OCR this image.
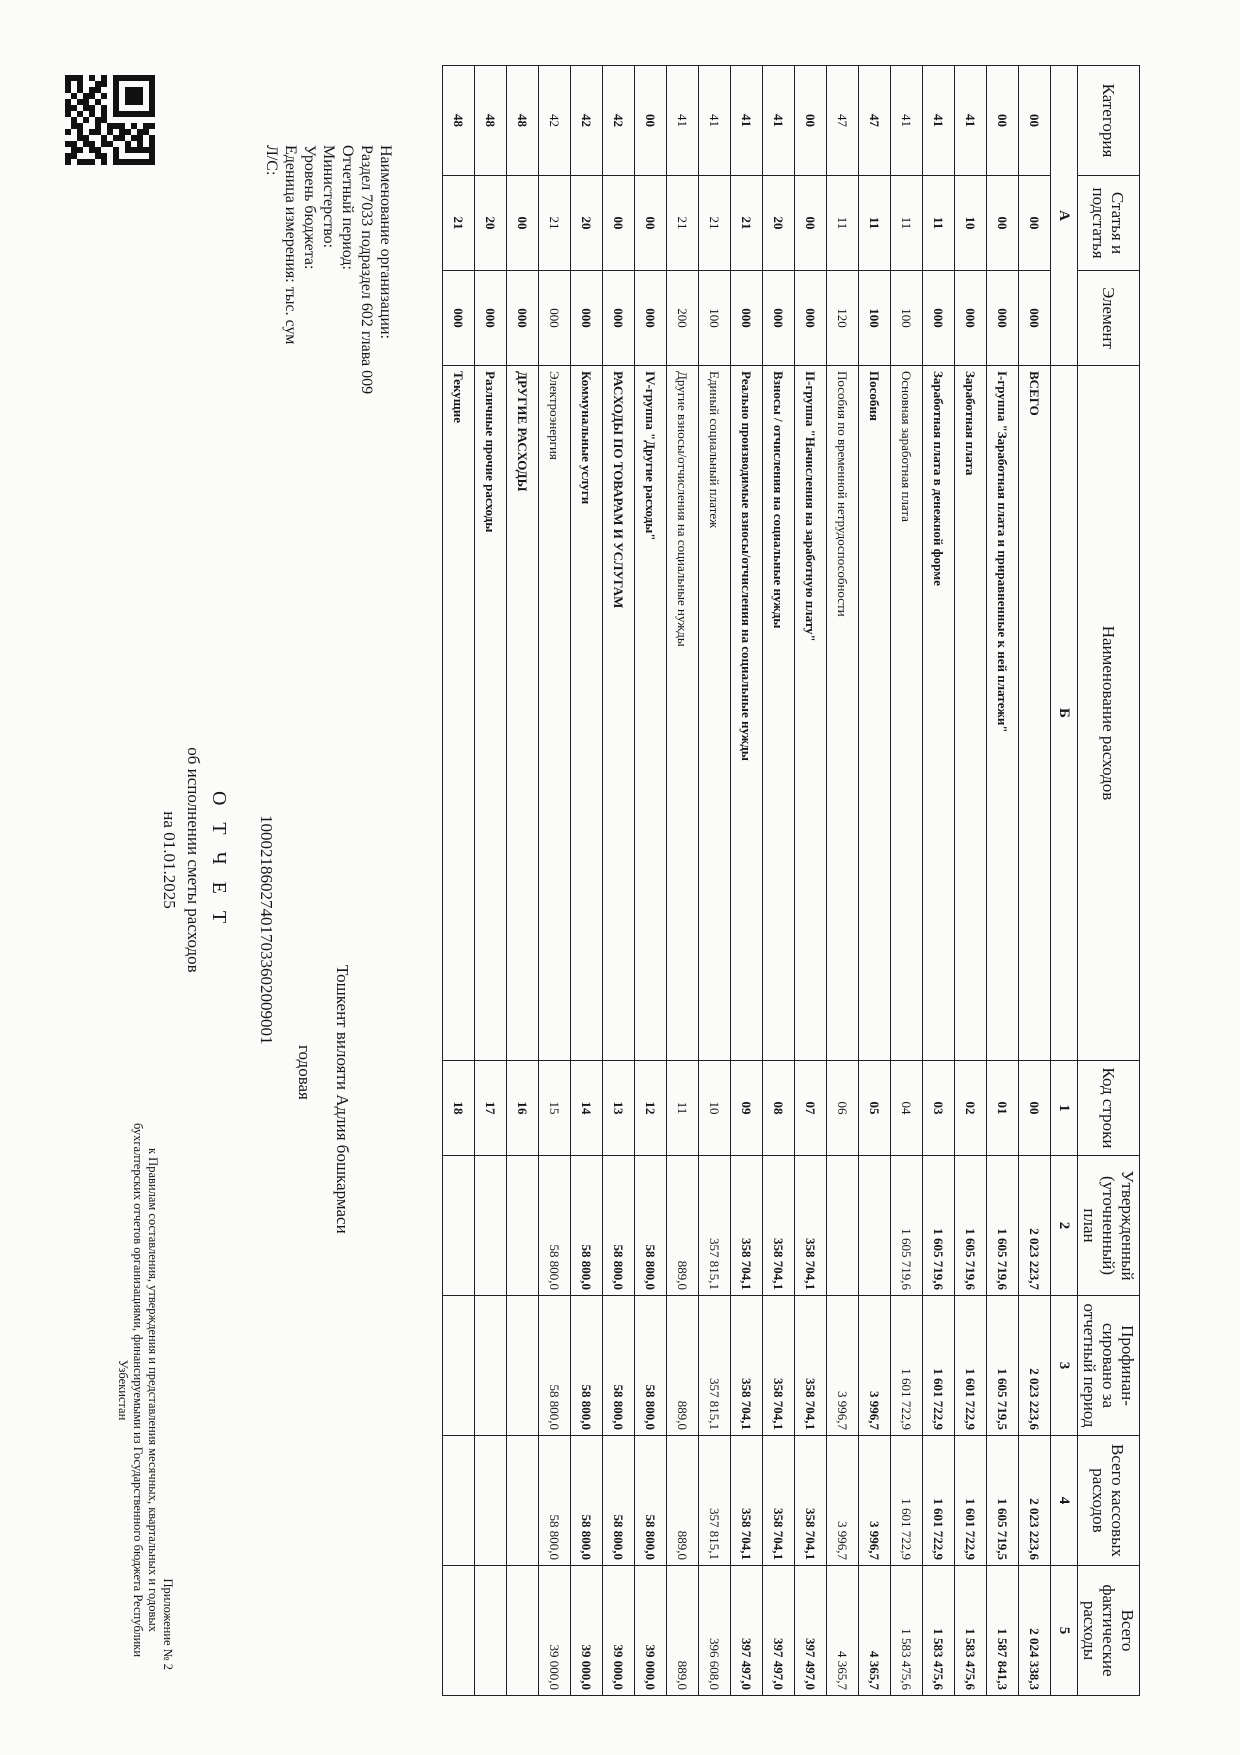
Приложение № 2
к Правилам составления, утверждения и представления месячных, квартальных и годовых бухгалтерских отчетов организациями, финансируемыми из Государственного бюджета Республики Узбекистан
О Т Ч Е Т
об исполнении сметы расходов
на 01.01.2025
Наименование организации:
Раздел 7033 подраздел 602 глава 009
Отчетный период:
Министерство:
Уровень бюджета:
Еденица измерения: тыс. сум
Л/С:
Тошкент вилояти Адлия бошкармаси
годовая
100021860274017033602009001
Категория	Статья и подстатья	Элемент	Наименование расходов	Код строки	Утвержденный (уточненный) план	Профинан-сировано за отчетный период	Всего кассовых расходов	Всего фактические расходы
А			Б	1	2	3	4	5
00	00	000	ВСЕГО	00	2 023 223,7	2 023 223,6	2 023 223,6	2 024 338,3
00	00	000	I-группа "Заработная плата и приравненные к ней платежи"	01	1 605 719,6	1 605 719,5	1 605 719,5	1 587 841,3
41	10	000	Заработная плата	02	1 605 719,6	1 601 722,9	1 601 722,9	1 583 475,6
41	11	000	Заработная плата в денежной форме	03	1 605 719,6	1 601 722,9	1 601 722,9	1 583 475,6
41	11	100	Основная заработная плата	04	1 605 719,6	1 601 722,9	1 601 722,9	1 583 475,6
47	11	100	Пособия	05		3 996,7	3 996,7	4 365,7
47	11	120	Пособия по временной нетрудоспособности	06		3 996,7	3 996,7	4 365,7
00	00	000	II-группа "Начисления на заработную плату"	07	358 704,1	358 704,1	358 704,1	397 497,0
41	20	000	Взносы / отчисления на социальные нужды	08	358 704,1	358 704,1	358 704,1	397 497,0
41	21	000	Реально производимые взносы/отчисления на социальные нужды	09	358 704,1	358 704,1	358 704,1	397 497,0
41	21	100	Единый социальный платеж	10	357 815,1	357 815,1	357 815,1	396 608,0
41	21	200	Другие взносы/отчисления на социальные нужды	11	889,0	889,0	889,0	889,0
00	00	000	IV-группа "Другие расходы"	12	58 800,0	58 800,0	58 800,0	39 000,0
42	00	000	РАСХОДЫ ПО ТОВАРАМ И УСЛУГАМ	13	58 800,0	58 800,0	58 800,0	39 000,0
42	20	000	Коммунальные услуги	14	58 800,0	58 800,0	58 800,0	39 000,0
42	21	000	Электроэнергия	15	58 800,0	58 800,0	58 800,0	39 000,0
48	00	000	ДРУГИЕ РАСХОДЫ	16				
48	20	000	Различные прочие расходы	17				
48	21	000	Текущие	18				
